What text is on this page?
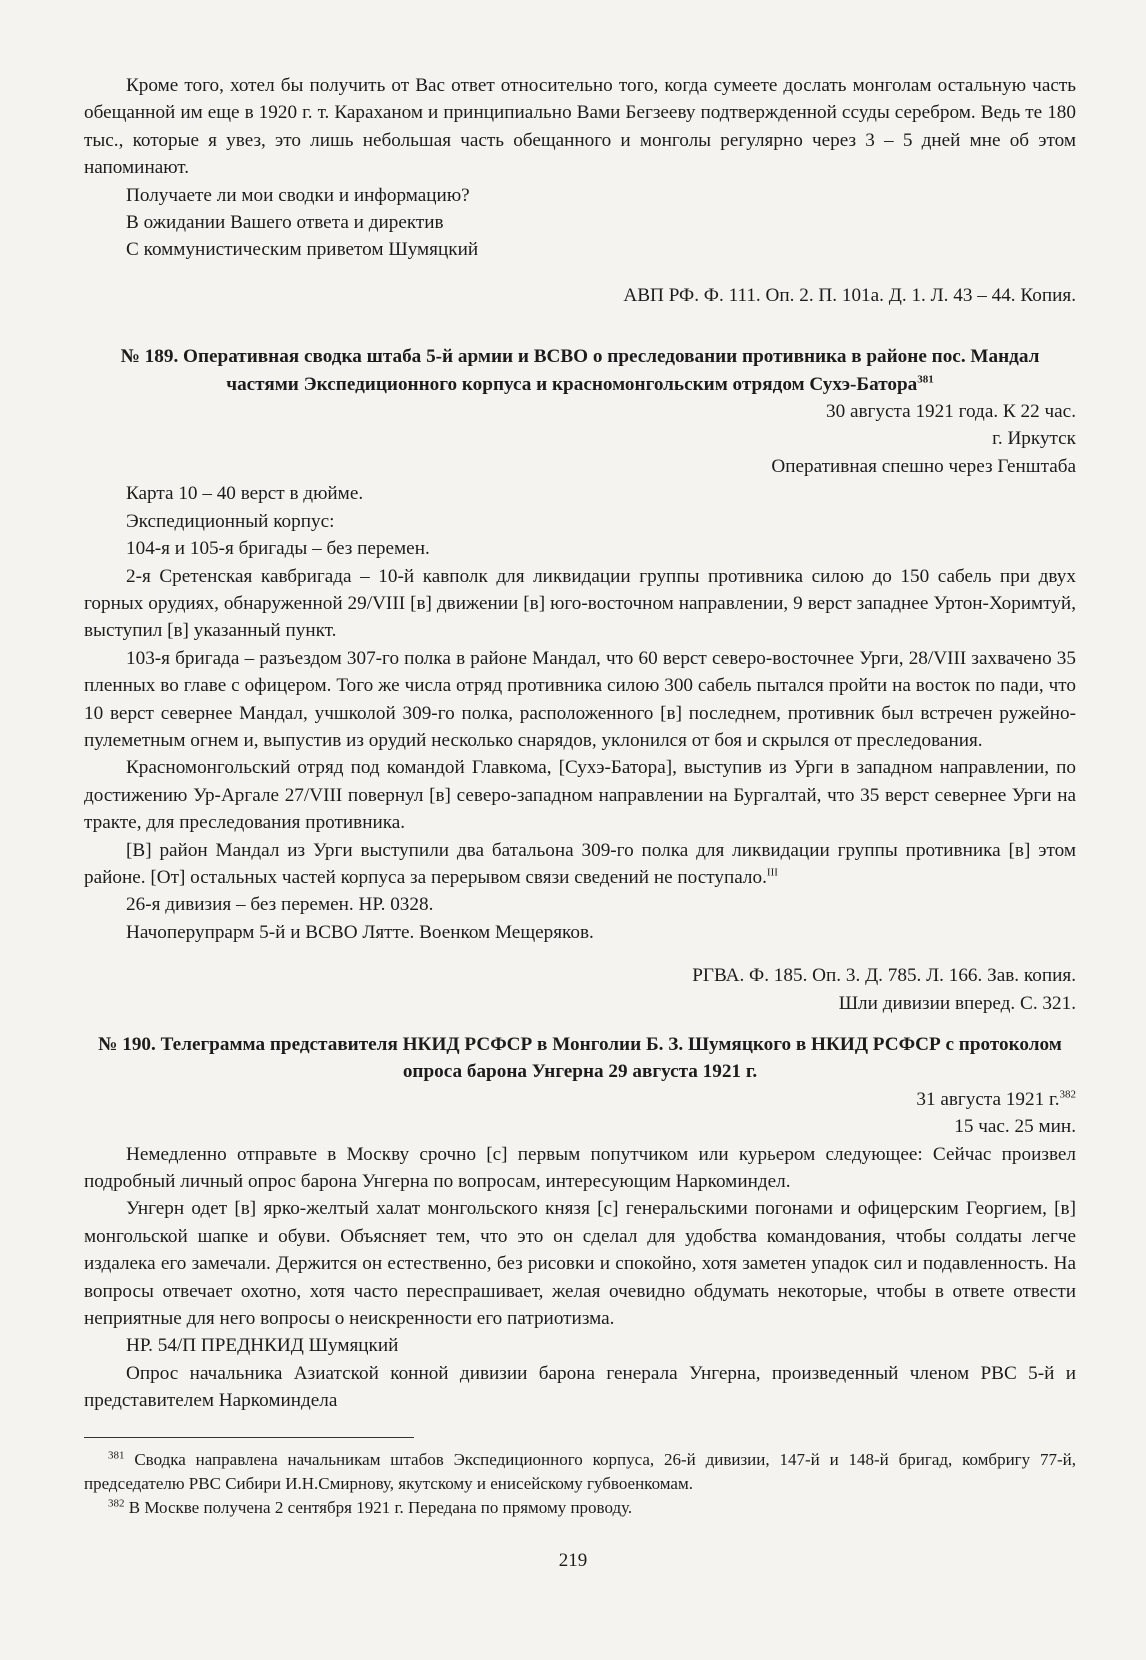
Кроме того, хотел бы получить от Вас ответ относительно того, когда сумеете дослать монголам остальную часть обещанной им еще в 1920 г. т. Караханом и принципиально Вами Бегзееву подтвержденной ссуды серебром. Ведь те 180 тыс., которые я увез, это лишь небольшая часть обещанного и монголы регулярно через 3 – 5 дней мне об этом напоминают.

Получаете ли мои сводки и информацию?

В ожидании Вашего ответа и директив

С коммунистическим приветом Шумяцкий

АВП РФ. Ф. 111. Оп. 2. П. 101а. Д. 1. Л. 43 – 44. Копия.

№ 189. Оперативная сводка штаба 5-й армии и ВСВО о преследовании противника в районе пос. Мандал частями Экспедиционного корпуса и красномонгольским отрядом Сухэ-Батора$^{381}$

30 августа 1921 года. К 22 час.

г. Иркутск

Оперативная спешно через Генштаба

Карта 10 – 40 верст в дюйме.

Экспедиционный корпус:

104-я и 105-я бригады – без перемен.

2-я Сретенская кавбригада – 10-й кавполк для ликвидации группы противника силою до 150 сабель при двух горных орудиях, обнаруженной 29/VIII [в] движении [в] юго-восточном направлении, 9 верст западнее Уртон-Хоримтуй, выступил [в] указанный пункт.

103-я бригада – разъездом 307-го полка в районе Мандал, что 60 верст северо-восточнее Урги, 28/VIII захвачено 35 пленных во главе с офицером. Того же числа отряд противника силою 300 сабель пытался пройти на восток по пади, что 10 верст севернее Мандал, учшколой 309-го полка, расположенного [в] последнем, противник был встречен ружейно-пулеметным огнем и, выпустив из орудий несколько снарядов, уклонился от боя и скрылся от преследования.

Красномонгольский отряд под командой Главкома, [Сухэ-Батора], выступив из Урги в западном направлении, по достижению Ур-Аргале 27/VIII повернул [в] северо-западном направлении на Бургалтай, что 35 верст севернее Урги на тракте, для преследования противника.

[В] район Мандал из Урги выступили два батальона 309-го полка для ликвидации группы противника [в] этом районе. [От] остальных частей корпуса за перерывом связи сведений не поступало.$^{III}$

26-я дивизия – без перемен. НР. 0328.

Начоперупрарм 5-й и ВСВО Лятте. Военком Мещеряков.

РГВА. Ф. 185. Оп. 3. Д. 785. Л. 166. Зав. копия.

Шли дивизии вперед. С. 321.

№ 190. Телеграмма представителя НКИД РСФСР в Монголии Б. З. Шумяцкого в НКИД РСФСР с протоколом опроса барона Унгерна 29 августа 1921 г.

31 августа 1921 г.$^{382}$

15 час. 25 мин.

Немедленно отправьте в Москву срочно [с] первым попутчиком или курьером следующее: Сейчас произвел подробный личный опрос барона Унгерна по вопросам, интересующим Наркоминдел.

Унгерн одет [в] ярко-желтый халат монгольского князя [с] генеральскими погонами и офицерским Георгием, [в] монгольской шапке и обуви. Объясняет тем, что это он сделал для удобства командования, чтобы солдаты легче издалека его замечали. Держится он естественно, без рисовки и спокойно, хотя заметен упадок сил и подавленность. На вопросы отвечает охотно, хотя часто переспрашивает, желая очевидно обдумать некоторые, чтобы в ответе отвести неприятные для него вопросы о неискренности его патриотизма.

НР. 54/П ПРЕДНКИД Шумяцкий

Опрос начальника Азиатской конной дивизии барона генерала Унгерна, произведенный членом РВС 5-й и представителем Наркоминдела

$^{381}$ Сводка направлена начальникам штабов Экспедиционного корпуса, 26-й дивизии, 147-й и 148-й бригад, комбригу 77-й, председателю РВС Сибири И.Н.Смирнову, якутскому и енисейскому губвоенкомам.

$^{382}$ В Москве получена 2 сентября 1921 г. Передана по прямому проводу.

219
